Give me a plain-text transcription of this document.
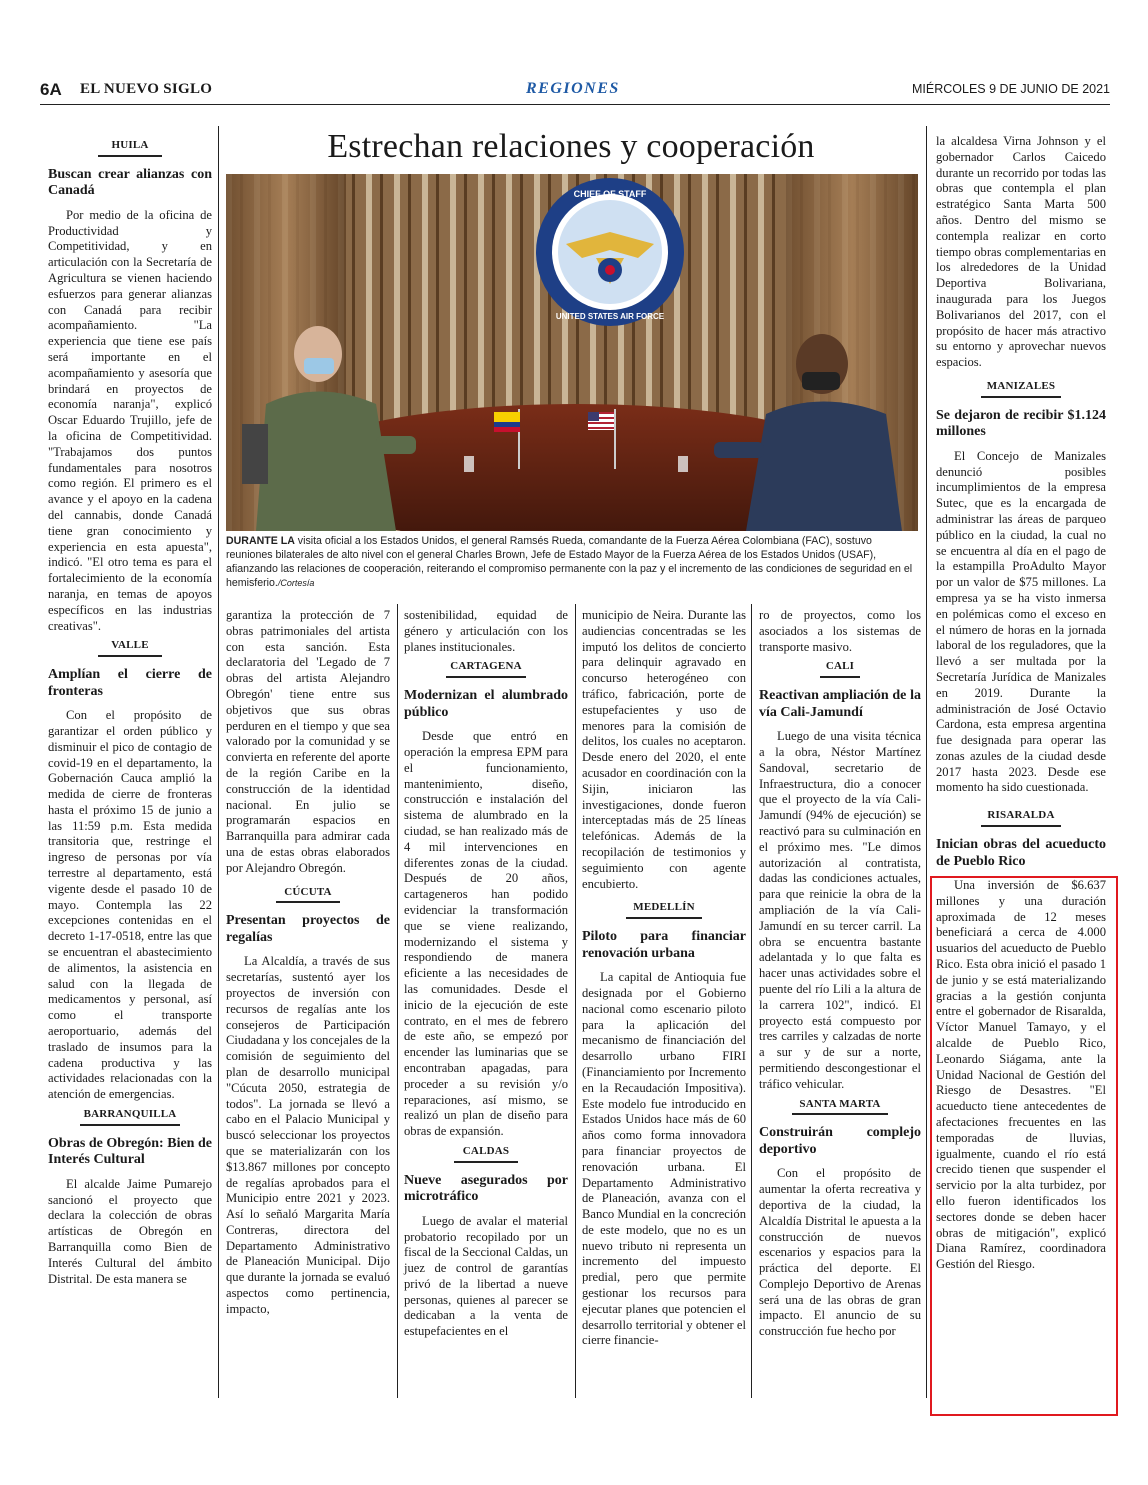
6A EL NUEVO SIGLO	REGIONES	MIÉRCOLES 9 DE JUNIO DE 2021
Estrechan relaciones y cooperación
CHIEF OF STAFF
UNITED STATES AIR FORCE
DURANTE LA visita oficial a los Estados Unidos, el general Ramsés Rueda, comandante de la Fuerza Aérea Colombiana (FAC), sostuvo reuniones bilaterales de alto nivel con el general Charles Brown, Jefe de Estado Mayor de la Fuerza Aérea de los Estados Unidos (USAF), afianzando las relaciones de cooperación, reiterando el compromiso permanente con la paz y el incremento de las condiciones de seguridad en el hemisferio./Cortesía
HUILA
Buscan crear alianzas con Canadá

Por medio de la oficina de Productividad y Competitividad, y en articulación con la Secretaría de Agricultura se vienen haciendo esfuerzos para generar alianzas con Canadá para recibir acompañamiento. "La experiencia que tiene ese país será importante en el acompañamiento y asesoría que brindará en proyectos de economía naranja", explicó Oscar Eduardo Trujillo, jefe de la oficina de Competitividad. "Trabajamos dos puntos fundamentales para nosotros como región. El primero es el avance y el apoyo en la cadena del cannabis, donde Canadá tiene gran conocimiento y experiencia en esta apuesta", indicó. "El otro tema es para el fortalecimiento de la economía naranja, en temas de apoyos específicos en las industrias creativas".

VALLE
Amplían el cierre de fronteras

Con el propósito de garantizar el orden público y disminuir el pico de contagio de covid-19 en el departamento, la Gobernación Cauca amplió la medida de cierre de fronteras hasta el próximo 15 de junio a las 11:59 p.m. Esta medida transitoria que, restringe el ingreso de personas por vía terrestre al departamento, está vigente desde el pasado 10 de mayo. Contempla las 22 excepciones contenidas en el decreto 1-17-0518, entre las que se encuentran el abastecimiento de alimentos, la asistencia en salud con la llegada de medicamentos y personal, así como el transporte aeroportuario, además del traslado de insumos para la cadena productiva y las actividades relacionadas con la atención de emergencias.

BARRANQUILLA
Obras de Obregón: Bien de Interés Cultural

El alcalde Jaime Pumarejo sancionó el proyecto que declara la colección de obras artísticas de Obregón en Barranquilla como Bien de Interés Cultural del ámbito Distrital. De esta manera se

garantiza la protección de 7 obras patrimoniales del artista con esta sanción. Esta declaratoria del 'Legado de 7 obras del artista Alejandro Obregón' tiene entre sus objetivos que sus obras perduren en el tiempo y que sea valorado por la comunidad y se convierta en referente del aporte de la región Caribe en la construcción de la identidad nacional. En julio se programarán espacios en Barranquilla para admirar cada una de estas obras elaborados por Alejandro Obregón.

CÚCUTA
Presentan proyectos de regalías

La Alcaldía, a través de sus secretarías, sustentó ayer los proyectos de inversión con recursos de regalías ante los consejeros de Participación Ciudadana y los concejales de la comisión de seguimiento del plan de desarrollo municipal "Cúcuta 2050, estrategia de todos". La jornada se llevó a cabo en el Palacio Municipal y buscó seleccionar los proyectos que se materializarán con los $13.867 millones por concepto de regalías aprobados para el Municipio entre 2021 y 2023. Así lo señaló Margarita María Contreras, directora del Departamento Administrativo de Planeación Municipal. Dijo que durante la jornada se evaluó aspectos como pertinencia, impacto,

sostenibilidad, equidad de género y articulación con los planes institucionales.

CARTAGENA
Modernizan el alumbrado público

Desde que entró en operación la empresa EPM para el funcionamiento, mantenimiento, diseño, construcción e instalación del sistema de alumbrado en la ciudad, se han realizado más de 4 mil intervenciones en diferentes zonas de la ciudad. Después de 20 años, cartageneros han podido evidenciar la transformación que se viene realizando, modernizando el sistema y respondiendo de manera eficiente a las necesidades de las comunidades. Desde el inicio de la ejecución de este contrato, en el mes de febrero de este año, se empezó por encender las luminarias que se encontraban apagadas, para proceder a su revisión y/o reparaciones, así mismo, se realizó un plan de diseño para obras de expansión.

CALDAS
Nueve asegurados por microtráfico

Luego de avalar el material probatorio recopilado por un fiscal de la Seccional Caldas, un juez de control de garantías privó de la libertad a nueve personas, quienes al parecer se dedicaban a la venta de estupefacientes en el

municipio de Neira. Durante las audiencias concentradas se les imputó los delitos de concierto para delinquir agravado en concurso heterogéneo con tráfico, fabricación, porte de estupefacientes y uso de menores para la comisión de delitos, los cuales no aceptaron. Desde enero del 2020, el ente acusador en coordinación con la Sijin, iniciaron las investigaciones, donde fueron interceptadas más de 25 líneas telefónicas. Además de la recopilación de testimonios y seguimiento con agente encubierto.

MEDELLÍN
Piloto para financiar renovación urbana

La capital de Antioquia fue designada por el Gobierno nacional como escenario piloto para la aplicación del mecanismo de financiación del desarrollo urbano FIRI (Financiamiento por Incremento en la Recaudación Impositiva). Este modelo fue introducido en Estados Unidos hace más de 60 años como forma innovadora para financiar proyectos de renovación urbana. El Departamento Administrativo de Planeación, avanza con el Banco Mundial en la concreción de este modelo, que no es un nuevo tributo ni representa un incremento del impuesto predial, pero que permite gestionar los recursos para ejecutar planes que potencien el desarrollo territorial y obtener el cierre financie-

ro de proyectos, como los asociados a los sistemas de transporte masivo.

CALI
Reactivan ampliación de la vía Cali-Jamundí

Luego de una visita técnica a la obra, Néstor Martínez Sandoval, secretario de Infraestructura, dio a conocer que el proyecto de la vía Cali-Jamundí (94% de ejecución) se reactivó para su culminación en el próximo mes. "Le dimos autorización al contratista, dadas las condiciones actuales, para que reinicie la obra de la ampliación de la vía Cali-Jamundí en su tercer carril. La obra se encuentra bastante adelantada y lo que falta es hacer unas actividades sobre el puente del río Lili a la altura de la carrera 102", indicó. El proyecto está compuesto por tres carriles y calzadas de norte a sur y de sur a norte, permitiendo descongestionar el tráfico vehicular.

SANTA MARTA
Construirán complejo deportivo

Con el propósito de aumentar la oferta recreativa y deportiva de la ciudad, la Alcaldía Distrital le apuesta a la construcción de nuevos escenarios y espacios para la práctica del deporte. El Complejo Deportivo de Arenas será una de las obras de gran impacto. El anuncio de su construcción fue hecho por

la alcaldesa Virna Johnson y el gobernador Carlos Caicedo durante un recorrido por todas las obras que contempla el plan estratégico Santa Marta 500 años. Dentro del mismo se contempla realizar en corto tiempo obras complementarias en los alrededores de la Unidad Deportiva Bolivariana, inaugurada para los Juegos Bolivarianos del 2017, con el propósito de hacer más atractivo su entorno y aprovechar nuevos espacios.

MANIZALES
Se dejaron de recibir $1.124 millones

El Concejo de Manizales denunció posibles incumplimientos de la empresa Sutec, que es la encargada de administrar las áreas de parqueo público en la ciudad, la cual no se encuentra al día en el pago de la estampilla ProAdulto Mayor por un valor de $75 millones. La empresa ya se ha visto inmersa en polémicas como el exceso en el número de horas en la jornada laboral de los reguladores, que la llevó a ser multada por la Secretaría Jurídica de Manizales en 2019. Durante la administración de José Octavio Cardona, esta empresa argentina fue designada para operar las zonas azules de la ciudad desde 2017 hasta 2023. Desde ese momento ha sido cuestionada.

RISARALDA
Inician obras del acueducto de Pueblo Rico

Una inversión de $6.637 millones y una duración aproximada de 12 meses beneficiará a cerca de 4.000 usuarios del acueducto de Pueblo Rico. Esta obra inició el pasado 1 de junio y se está materializando gracias a la gestión conjunta entre el gobernador de Risaralda, Víctor Manuel Tamayo, y el alcalde de Pueblo Rico, Leonardo Siágama, ante la Unidad Nacional de Gestión del Riesgo de Desastres. "El acueducto tiene antecedentes de afectaciones frecuentes en las temporadas de lluvias, igualmente, cuando el río está crecido tienen que suspender el servicio por la alta turbidez, por ello fueron identificados los sectores donde se deben hacer obras de mitigación", explicó Diana Ramírez, coordinadora Gestión del Riesgo.
